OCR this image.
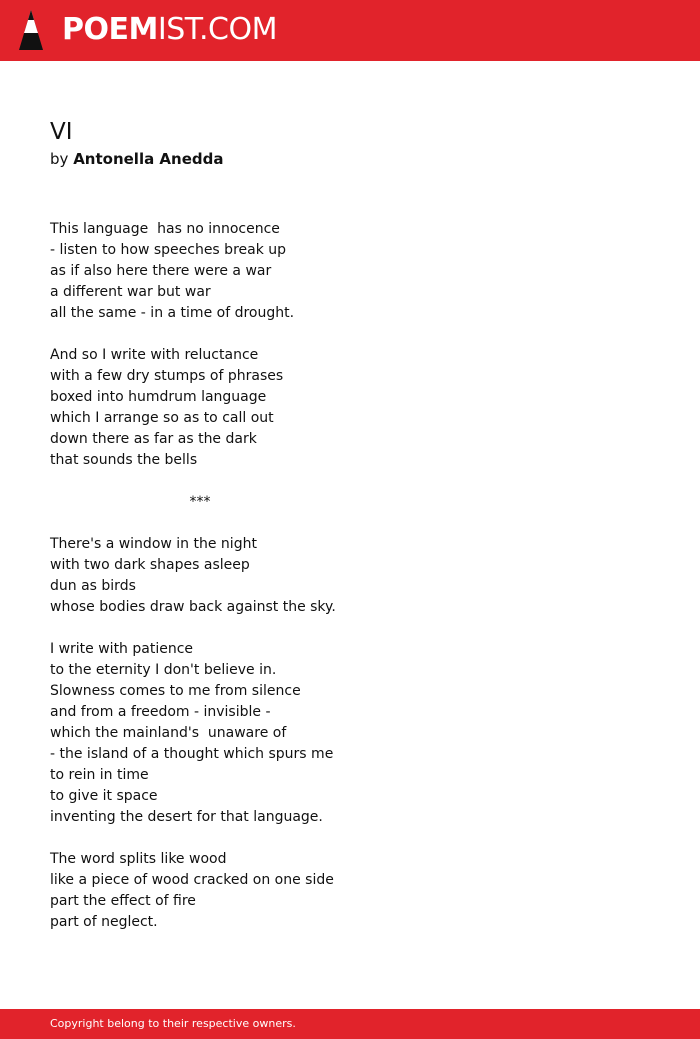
POEMIST.COM
VI
by Antonella Anedda
This language  has no innocence
- listen to how speeches break up
as if also here there were a war
a different war but war
all the same - in a time of drought.
And so I write with reluctance
with a few dry stumps of phrases
boxed into humdrum language
which I arrange so as to call out
down there as far as the dark
that sounds the bells
***
There's a window in the night
with two dark shapes asleep
dun as birds
whose bodies draw back against the sky.
I write with patience
to the eternity I don't believe in.
Slowness comes to me from silence
and from a freedom - invisible -
which the mainland's  unaware of
- the island of a thought which spurs me
to rein in time
to give it space
inventing the desert for that language.
The word splits like wood
like a piece of wood cracked on one side
part the effect of fire
part of neglect.
Copyright belong to their respective owners.
